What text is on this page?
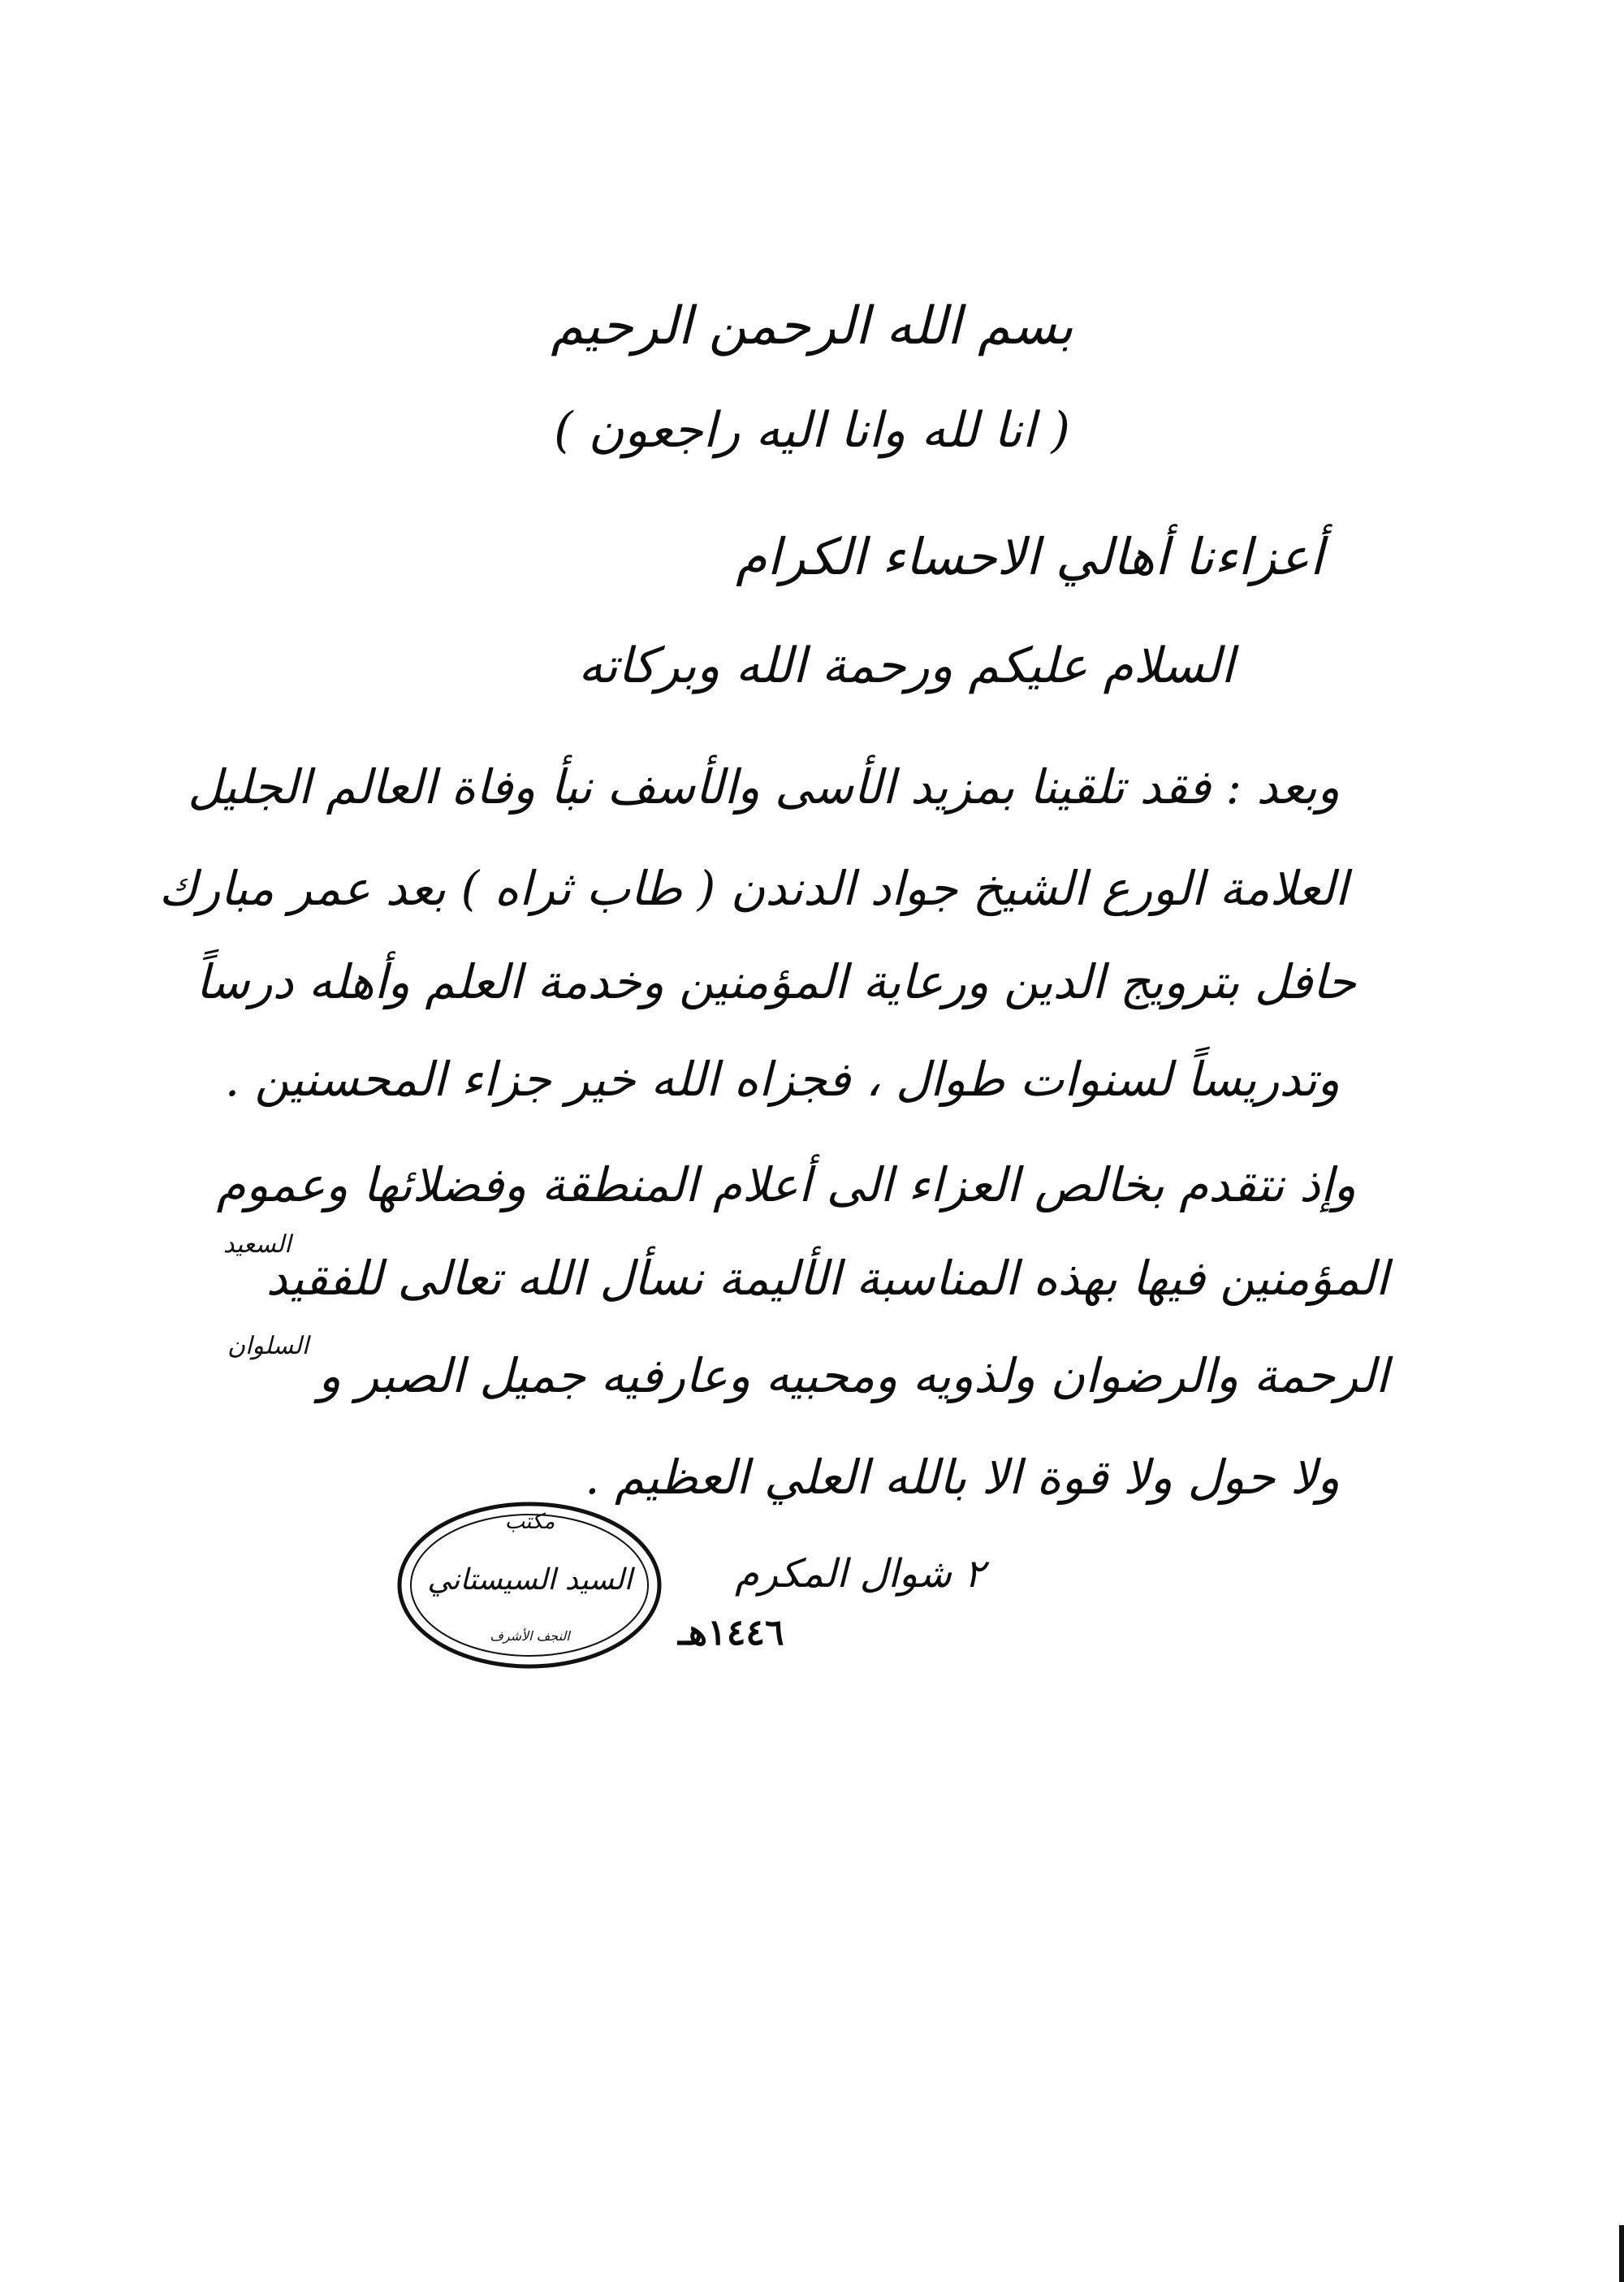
بسم الله الرحمن الرحيم
( انا لله وانا اليه راجعون )
أعزاءنا أهالي الاحساء الكرام
السلام عليكم ورحمة الله وبركاته
وبعد : فقد تلقينا بمزيد الأسى والأسف نبأ وفاة العالم الجليل
العلامة الورع الشيخ جواد الدندن ( طاب ثراه ) بعد عمر مبارك
حافل بترويج الدين ورعاية المؤمنين وخدمة العلم وأهله درساً
وتدريساً لسنوات طوال ، فجزاه الله خير جزاء المحسنين .
وإذ نتقدم بخالص العزاء الى أعلام المنطقة وفضلائها وعموم
المؤمنين فيها بهذه المناسبة الأليمة نسأل الله تعالى للفقيد
الرحمة والرضوان ولذويه ومحبيه وعارفيه جميل الصبر و
ولا حول ولا قوة الا بالله العلي العظيم .
السعيد
السلوان
مكتب
السيد السيستاني
النجف الأشرف
٢ شوال المكرم
١٤٤٦هـ
